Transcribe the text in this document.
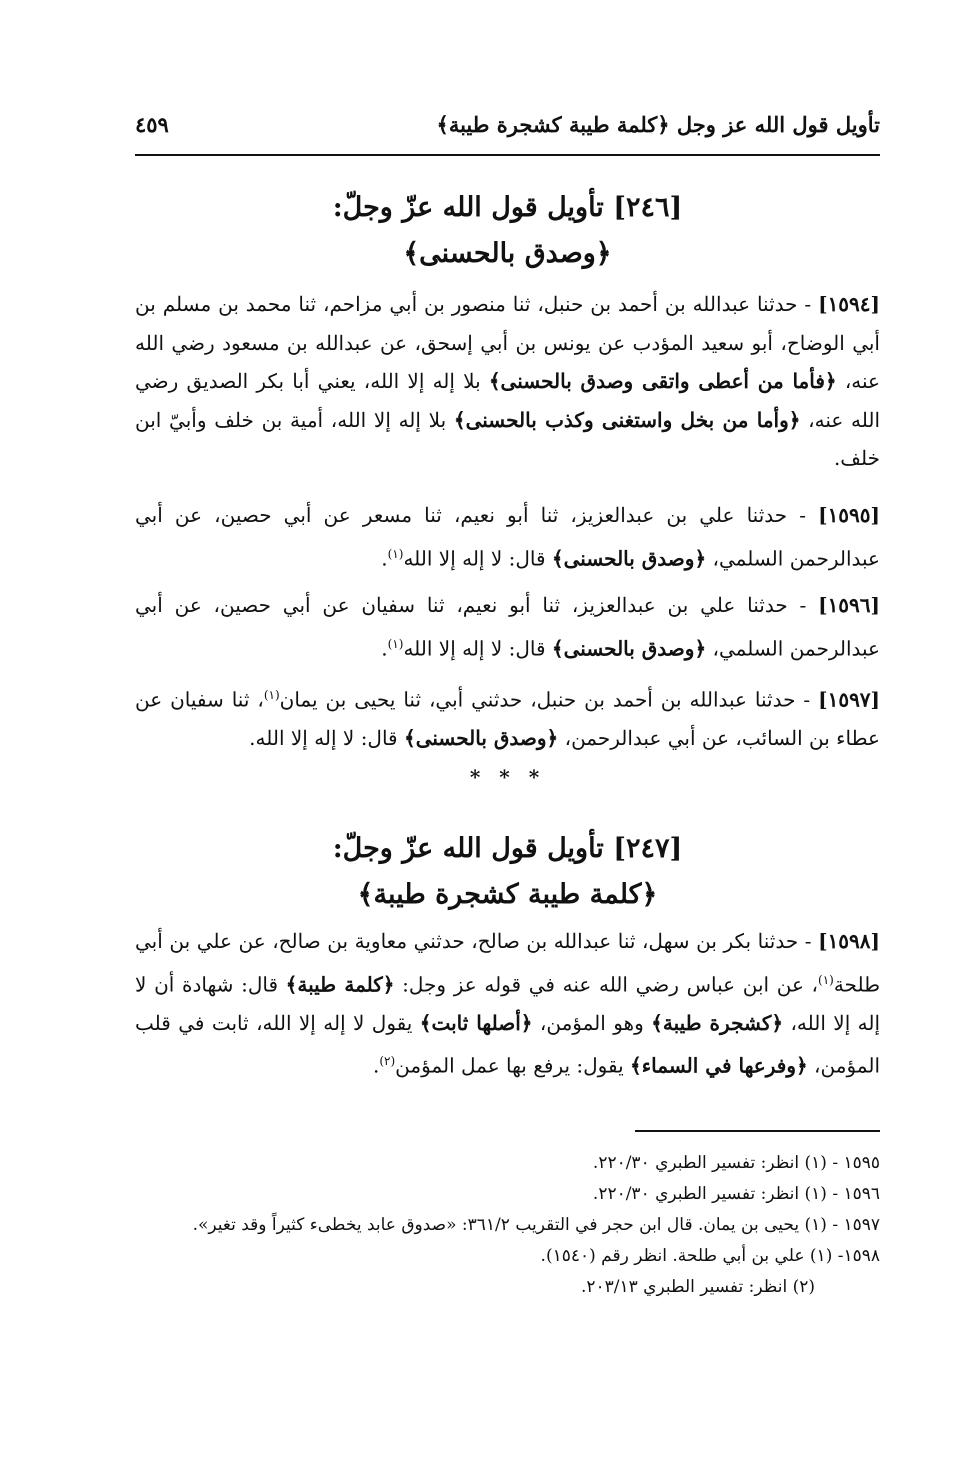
تأويل قول الله عز وجل ﴿كلمة طيبة كشجرة طيبة﴾
٤٥٩
[٢٤٦] تأويل قول الله عزّ وجلّ:
﴿وصدق بالحسنى﴾
[١٥٩٤] - حدثنا عبدالله بن أحمد بن حنبل، ثنا منصور بن أبي مزاحم، ثنا محمد بن مسلم بن أبي الوضاح، أبو سعيد المؤدب عن يونس بن أبي إسحق، عن عبدالله بن مسعود رضي الله عنه، ﴿فأما من أعطى واتقى وصدق بالحسنى﴾ بلا إله إلا الله، يعني أبا بكر الصديق رضي الله عنه، ﴿وأما من بخل واستغنى وكذب بالحسنى﴾ بلا إله إلا الله، أمية بن خلف وأبيّ ابن خلف.
[١٥٩٥] - حدثنا علي بن عبدالعزيز، ثنا أبو نعيم، ثنا مسعر عن أبي حصين، عن أبي عبدالرحمن السلمي، ﴿وصدق بالحسنى﴾ قال: لا إله إلا الله$^{(١)}$.
[١٥٩٦] - حدثنا علي بن عبدالعزيز، ثنا أبو نعيم، ثنا سفيان عن أبي حصين، عن أبي عبدالرحمن السلمي، ﴿وصدق بالحسنى﴾ قال: لا إله إلا الله$^{(١)}$.
[١٥٩٧] - حدثنا عبدالله بن أحمد بن حنبل، حدثني أبي، ثنا يحيى بن يمان$^{(١)}$، ثنا سفيان عن عطاء بن السائب، عن أبي عبدالرحمن، ﴿وصدق بالحسنى﴾ قال: لا إله إلا الله.
* * *
[٢٤٧] تأويل قول الله عزّ وجلّ:
﴿كلمة طيبة كشجرة طيبة﴾
[١٥٩٨] - حدثنا بكر بن سهل، ثنا عبدالله بن صالح، حدثني معاوية بن صالح، عن علي بن أبي طلحة$^{(١)}$، عن ابن عباس رضي الله عنه في قوله عز وجل: ﴿كلمة طيبة﴾ قال: شهادة أن لا إله إلا الله، ﴿كشجرة طيبة﴾ وهو المؤمن، ﴿أصلها ثابت﴾ يقول لا إله إلا الله، ثابت في قلب المؤمن، ﴿وفرعها في السماء﴾ يقول: يرفع بها عمل المؤمن$^{(٢)}$.
١٥٩٥ - (١) انظر: تفسير الطبري ٢٢٠/٣٠.
١٥٩٦ - (١) انظر: تفسير الطبري ٢٢٠/٣٠.
١٥٩٧ - (١) يحيى بن يمان. قال ابن حجر في التقريب ٣٦١/٢: «صدوق عابد يخطىء كثيراً وقد تغير».
١٥٩٨- (١) علي بن أبي طلحة. انظر رقم (١٥٤٠).
(٢) انظر: تفسير الطبري ٢٠٣/١٣.
